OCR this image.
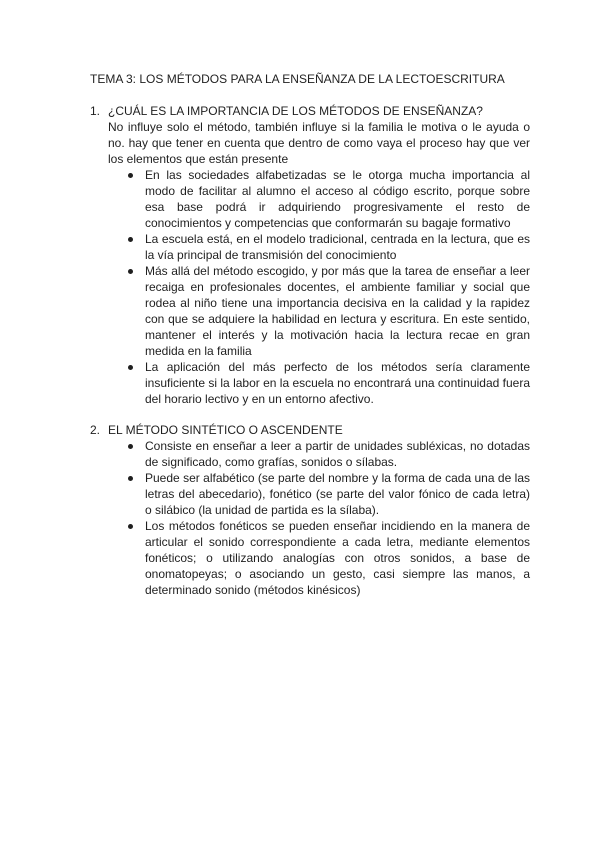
TEMA 3: LOS MÉTODOS PARA LA ENSEÑANZA DE LA LECTOESCRITURA
1. ¿CUÁL ES LA IMPORTANCIA DE LOS MÉTODOS DE ENSEÑANZA?
No influye solo el método, también influye si la familia le motiva o le ayuda o no. hay que tener en cuenta que dentro de como vaya el proceso hay que ver los elementos que están presente
En las sociedades alfabetizadas se le otorga mucha importancia al modo de facilitar al alumno el acceso al código escrito, porque sobre esa base podrá ir adquiriendo progresivamente el resto de conocimientos y competencias que conformarán su bagaje formativo
La escuela está, en el modelo tradicional, centrada en la lectura, que es la vía principal de transmisión del conocimiento
Más allá del método escogido, y por más que la tarea de enseñar a leer recaiga en profesionales docentes, el ambiente familiar y social que rodea al niño tiene una importancia decisiva en la calidad y la rapidez con que se adquiere la habilidad en lectura y escritura. En este sentido, mantener el interés y la motivación hacia la lectura recae en gran medida en la familia
La aplicación del más perfecto de los métodos sería claramente insuficiente si la labor en la escuela no encontrará una continuidad fuera del horario lectivo y en un entorno afectivo.
2. EL MÉTODO SINTÉTICO O ASCENDENTE
Consiste en enseñar a leer a partir de unidades subléxicas, no dotadas de significado, como grafías, sonidos o sílabas.
Puede ser alfabético (se parte del nombre y la forma de cada una de las letras del abecedario), fonético (se parte del valor fónico de cada letra) o silábico (la unidad de partida es la sílaba).
Los métodos fonéticos se pueden enseñar incidiendo en la manera de articular el sonido correspondiente a cada letra, mediante elementos fonéticos; o utilizando analogías con otros sonidos, a base de onomatopeyas; o asociando un gesto, casi siempre las manos, a determinado sonido (métodos kinésicos)
